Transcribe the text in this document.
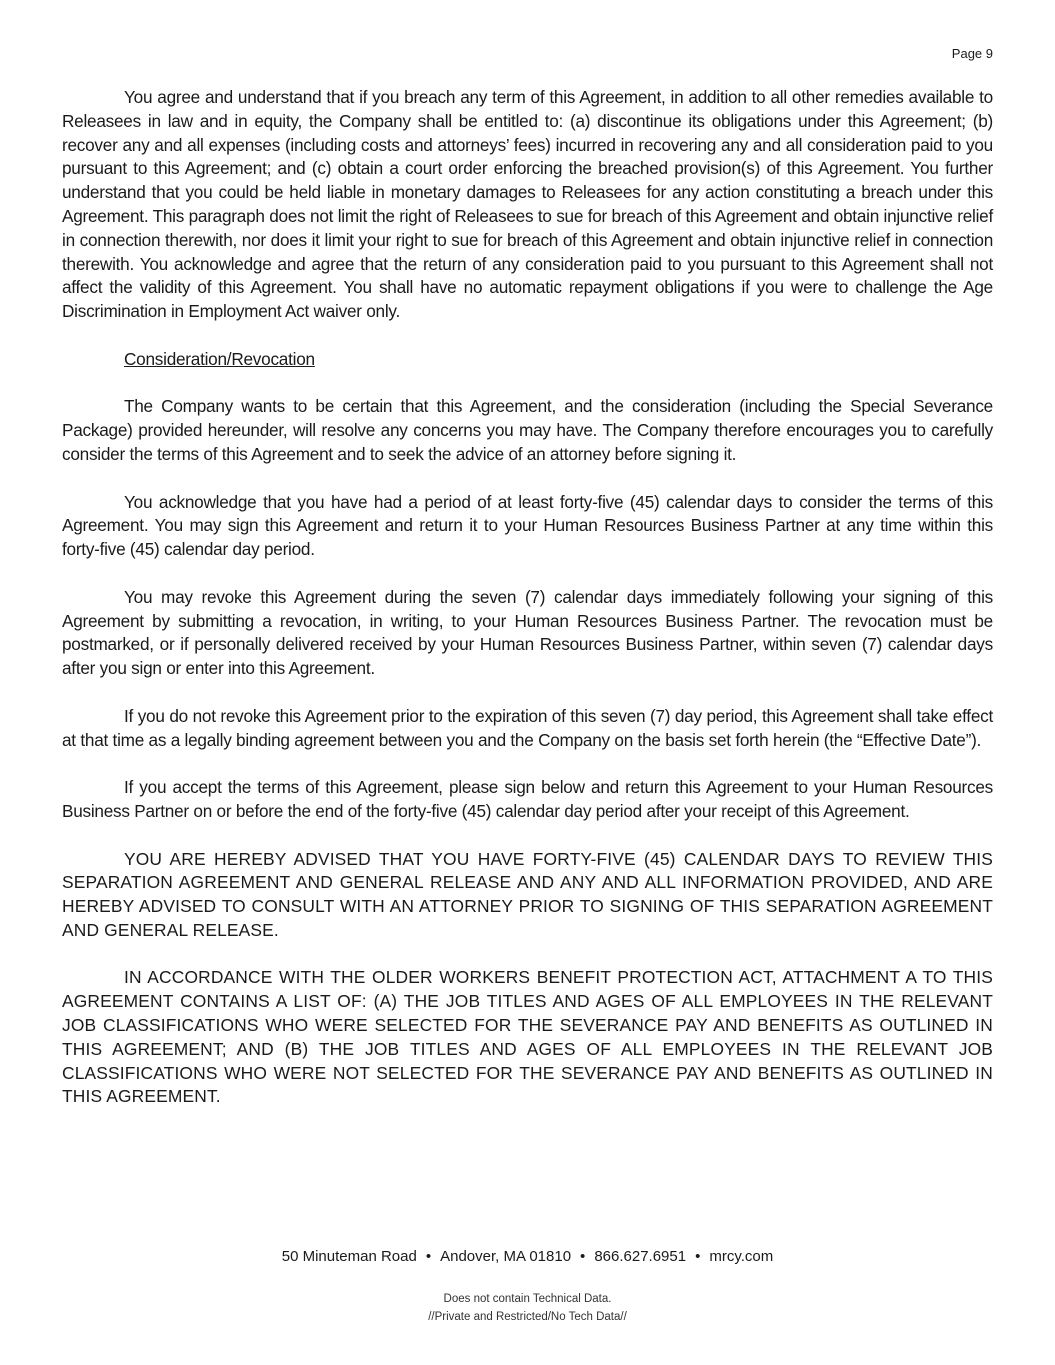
Page 9

You agree and understand that if you breach any term of this Agreement, in addition to all other remedies available to Releasees in law and in equity, the Company shall be entitled to: (a) discontinue its obligations under this Agreement; (b) recover any and all expenses (including costs and attorneys’ fees) incurred in recovering any and all consideration paid to you pursuant to this Agreement; and (c) obtain a court order enforcing the breached provision(s) of this Agreement. You further understand that you could be held liable in monetary damages to Releasees for any action constituting a breach under this Agreement. This paragraph does not limit the right of Releasees to sue for breach of this Agreement and obtain injunctive relief in connection therewith, nor does it limit your right to sue for breach of this Agreement and obtain injunctive relief in connection therewith. You acknowledge and agree that the return of any consideration paid to you pursuant to this Agreement shall not affect the validity of this Agreement. You shall have no automatic repayment obligations if you were to challenge the Age Discrimination in Employment Act waiver only.

Consideration/Revocation

The Company wants to be certain that this Agreement, and the consideration (including the Special Severance Package) provided hereunder, will resolve any concerns you may have. The Company therefore encourages you to carefully consider the terms of this Agreement and to seek the advice of an attorney before signing it.

You acknowledge that you have had a period of at least forty-five (45) calendar days to consider the terms of this Agreement. You may sign this Agreement and return it to your Human Resources Business Partner at any time within this forty-five (45) calendar day period.

You may revoke this Agreement during the seven (7) calendar days immediately following your signing of this Agreement by submitting a revocation, in writing, to your Human Resources Business Partner. The revocation must be postmarked, or if personally delivered received by your Human Resources Business Partner, within seven (7) calendar days after you sign or enter into this Agreement.

If you do not revoke this Agreement prior to the expiration of this seven (7) day period, this Agreement shall take effect at that time as a legally binding agreement between you and the Company on the basis set forth herein (the “Effective Date”).

If you accept the terms of this Agreement, please sign below and return this Agreement to your Human Resources Business Partner on or before the end of the forty-five (45) calendar day period after your receipt of this Agreement.

YOU ARE HEREBY ADVISED THAT YOU HAVE FORTY-FIVE (45) CALENDAR DAYS TO REVIEW THIS SEPARATION AGREEMENT AND GENERAL RELEASE AND ANY AND ALL INFORMATION PROVIDED, AND ARE HEREBY ADVISED TO CONSULT WITH AN ATTORNEY PRIOR TO SIGNING OF THIS SEPARATION AGREEMENT AND GENERAL RELEASE.

IN ACCORDANCE WITH THE OLDER WORKERS BENEFIT PROTECTION ACT, ATTACHMENT A TO THIS AGREEMENT CONTAINS A LIST OF: (A) THE JOB TITLES AND AGES OF ALL EMPLOYEES IN THE RELEVANT JOB CLASSIFICATIONS WHO WERE SELECTED FOR THE SEVERANCE PAY AND BENEFITS AS OUTLINED IN THIS AGREEMENT; AND (B) THE JOB TITLES AND AGES OF ALL EMPLOYEES IN THE RELEVANT JOB CLASSIFICATIONS WHO WERE NOT SELECTED FOR THE SEVERANCE PAY AND BENEFITS AS OUTLINED IN THIS AGREEMENT.

50 Minuteman Road • Andover, MA 01810 • 866.627.6951 • mrcy.com
Does not contain Technical Data.
//Private and Restricted/No Tech Data//
